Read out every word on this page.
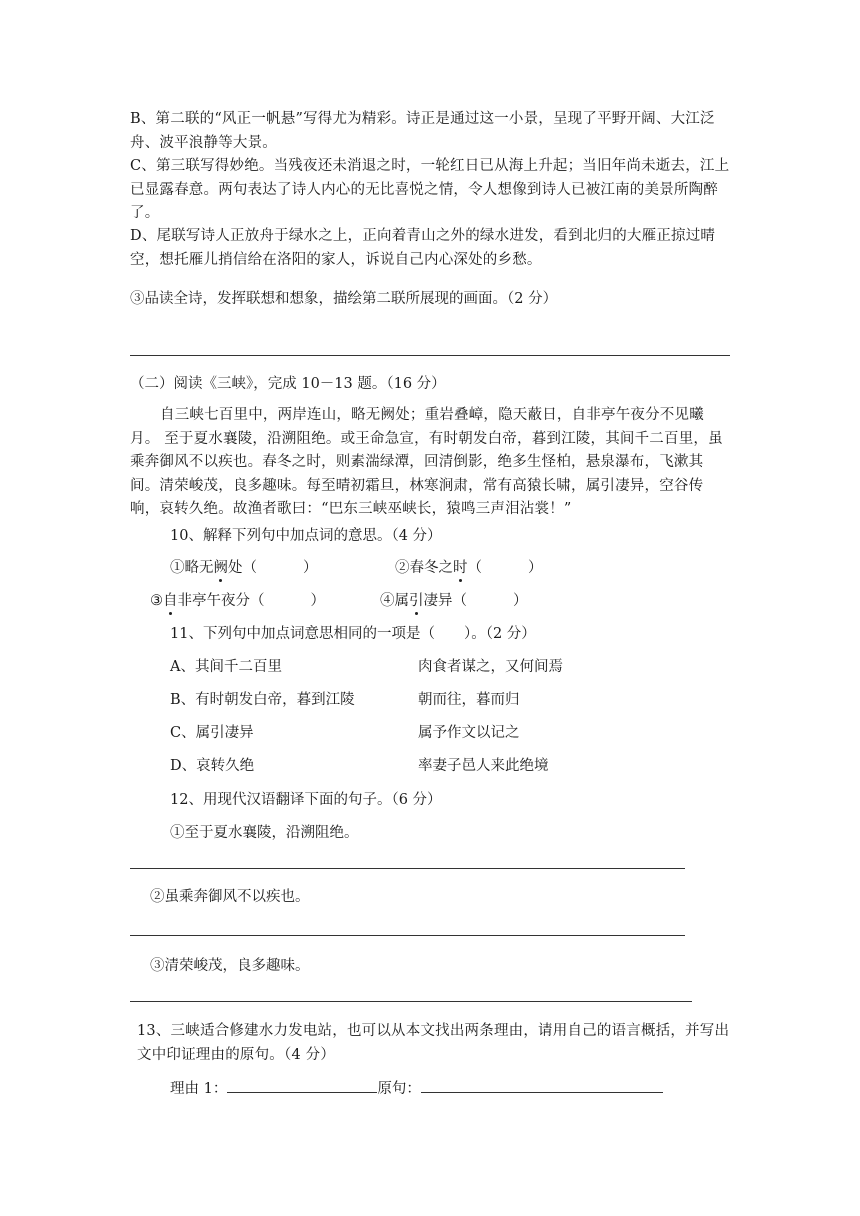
B、第二联的“风正一帆悬”写得尤为精彩。诗正是通过这一小景，呈现了平野开阔、大江泛舟、波平浪静等大景。
C、第三联写得妙绝。当残夜还未消退之时，一轮红日已从海上升起；当旧年尚未逝去，江上已显露春意。两句表达了诗人内心的无比喜悦之情，令人想像到诗人已被江南的美景所陶醉了。
D、尾联写诗人正放舟于绿水之上，正向着青山之外的绿水进发，看到北归的大雁正掠过晴空，想托雁儿捎信给在洛阳的家人，诉说自己内心深处的乡愁。
③品读全诗，发挥联想和想象，描绘第二联所展现的画面。（2 分）
（二）阅读《三峡》，完成 10－13 题。（16 分）
自三峡七百里中，两岸连山，略无阙处；重岩叠嶂，隐天蔽日，自非亭午夜分不见曦月。 至于夏水襄陵，沿溯阻绝。或王命急宣，有时朝发白帝，暮到江陵，其间千二百里，虽乘奔御风不以疾也。春冬之时，则素湍绿潭，回清倒影，绝多生怪柏，悬泉瀑布，飞漱其间。清荣峻茂，良多趣味。每至晴初霜旦，林寒涧肃，常有高猿长啸，属引凄异，空谷传响，哀转久绝。故渔者歌曰：“巴东三峡巫峡长，猿鸣三声泪沾裳！”
10、解释下列句中加点词的意思。（4 分）
①略无阙处（	）	②春冬之时（	）
③自非亭午夜分（	）	④属引凄异（	）
11、下列句中加点词意思相同的一项是（　　）。（2 分）
A、其间千二百里	肉食者谋之，又何间焉
B、有时朝发白帝，暮到江陵	朝而往，暮而归
C、属引凄异	属予作文以记之
D、哀转久绝	率妻子邑人来此绝境
12、用现代汉语翻译下面的句子。（6 分）
①至于夏水襄陵，沿溯阻绝。
②虽乘奔御风不以疾也。
③清荣峻茂，良多趣味。
13、三峡适合修建水力发电站，也可以从本文找出两条理由，请用自己的语言概括，并写出文中印证理由的原句。（4 分）
理由 1：	原句：
